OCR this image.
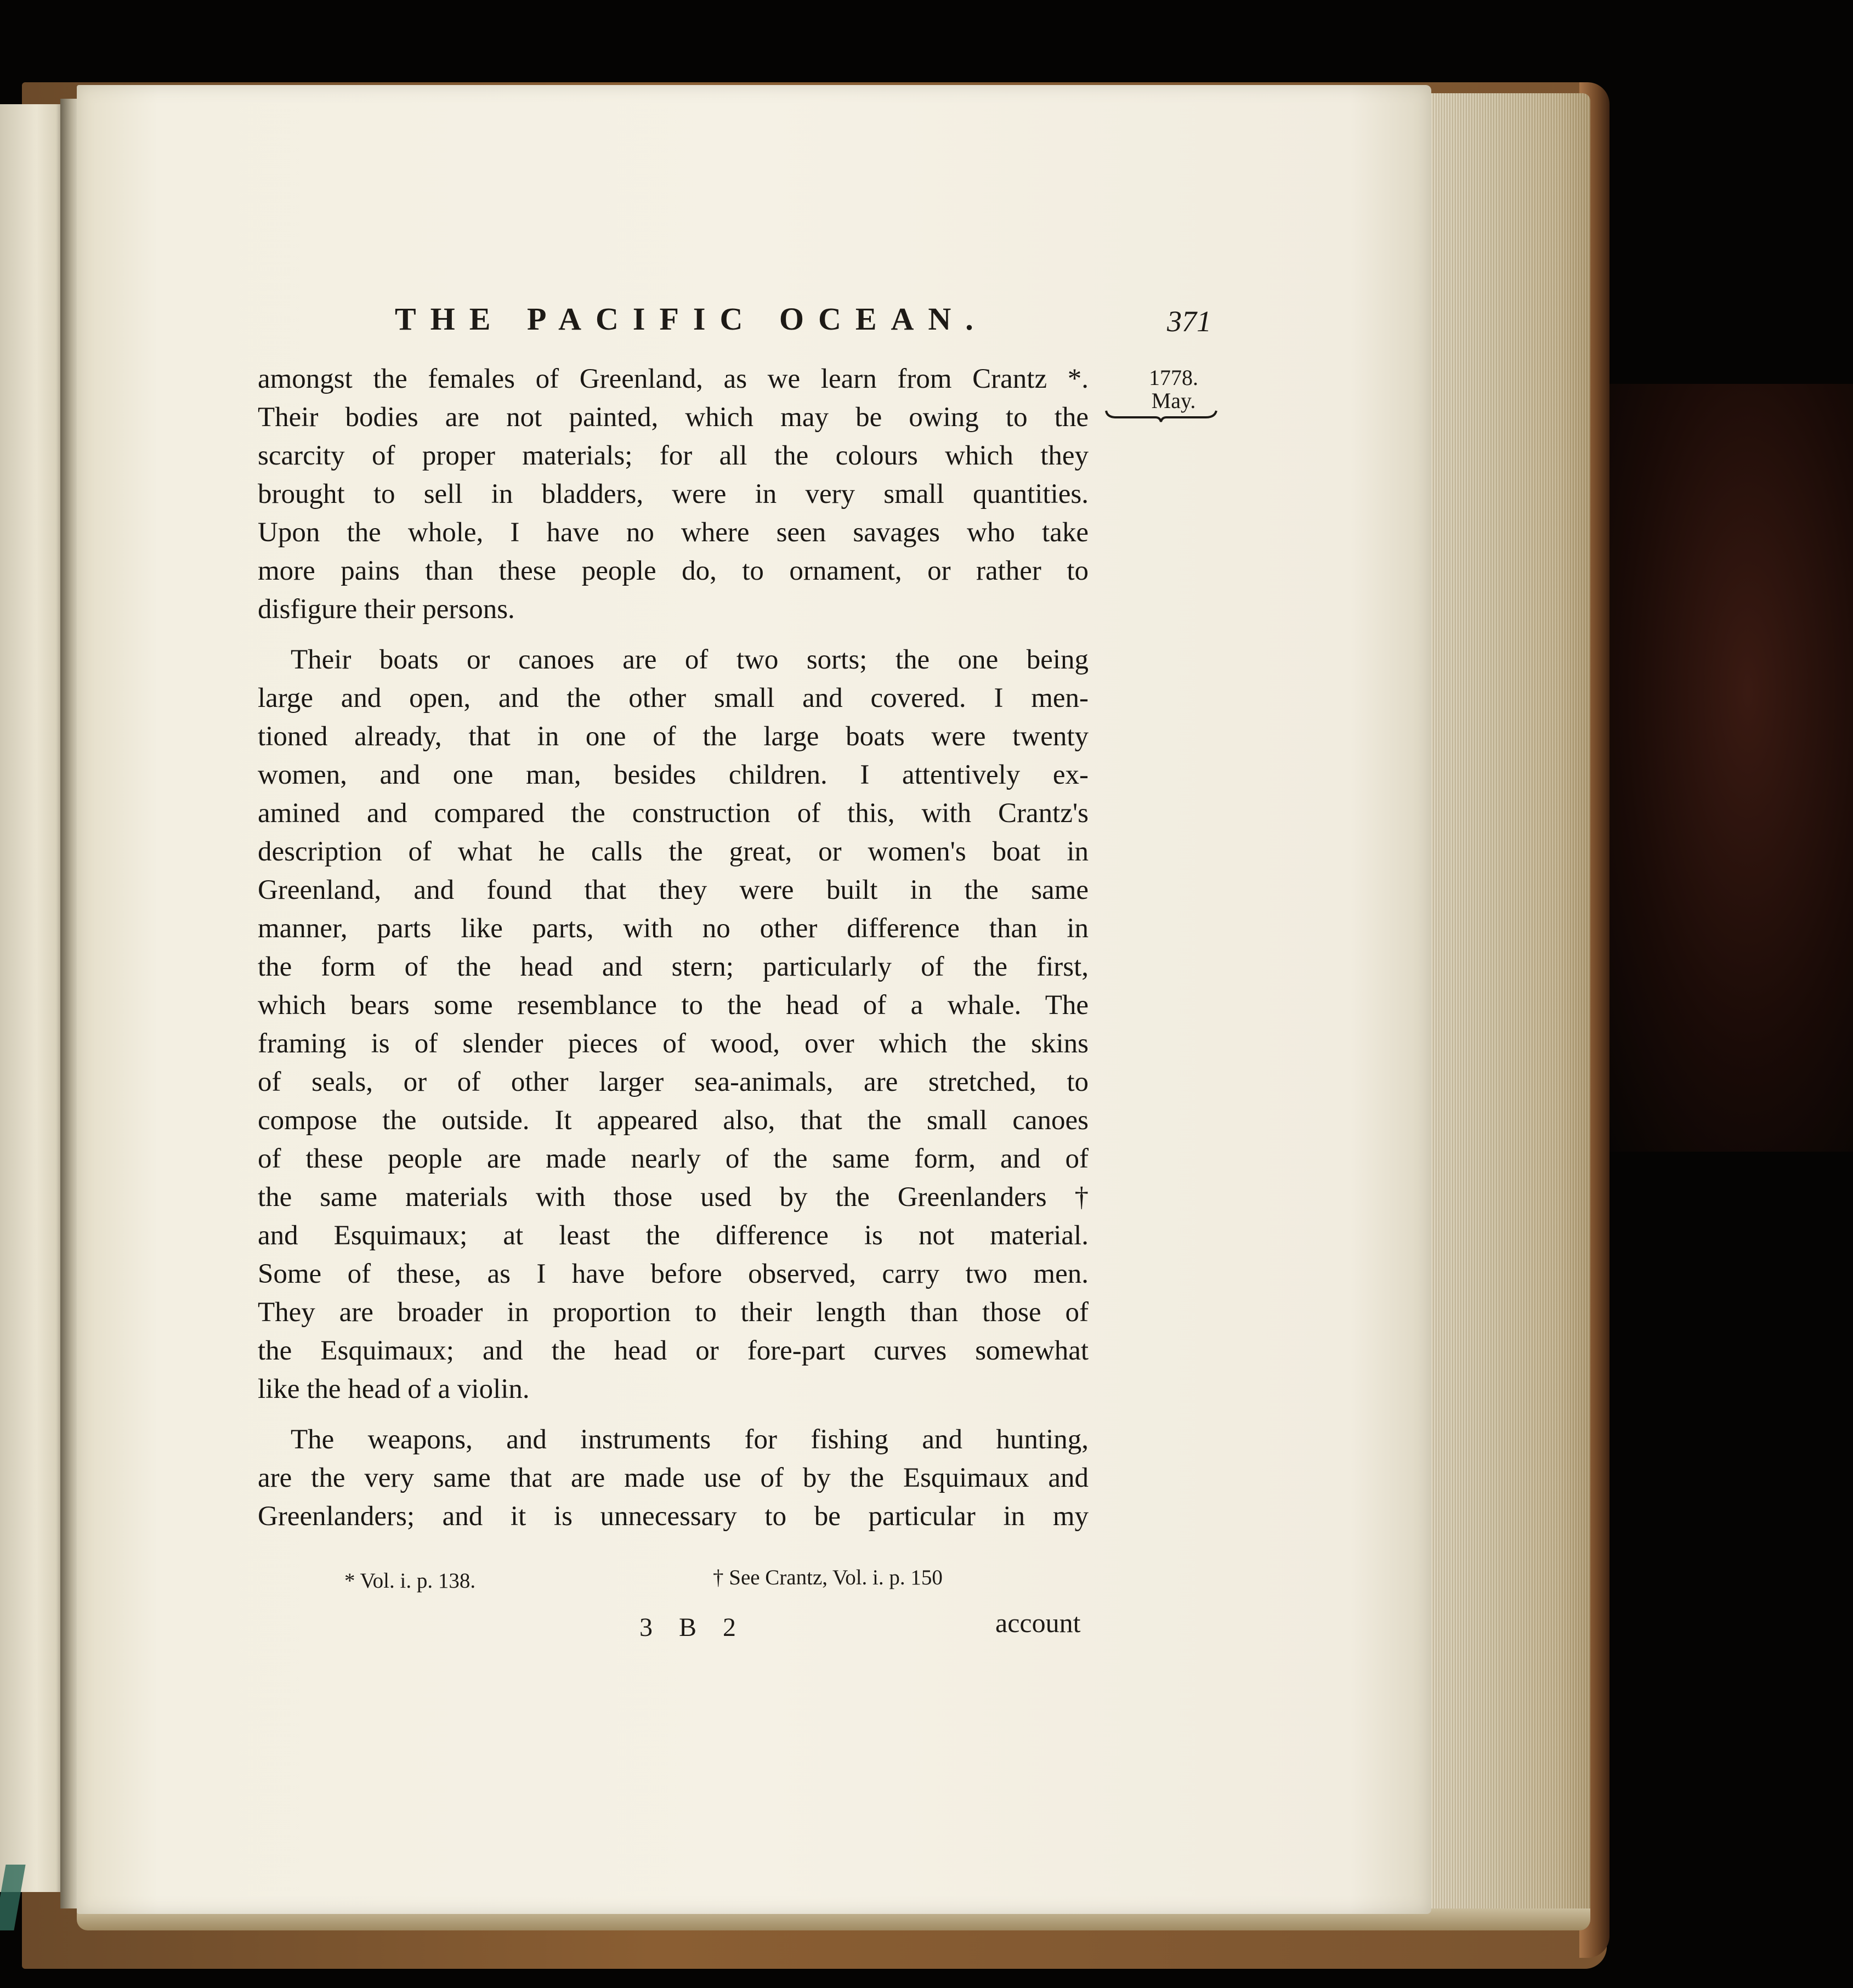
THE PACIFIC OCEAN.	371
1778.
May.
amongst the females of Greenland, as we learn from Crantz *.
Their bodies are not painted, which may be owing to the
scarcity of proper materials; for all the colours which they
brought to sell in bladders, were in very small quantities.
Upon the whole, I have no where seen savages who take
more pains than these people do, to ornament, or rather to
disfigure their persons.
Their boats or canoes are of two sorts; the one being
large and open, and the other small and covered. I men-
tioned already, that in one of the large boats were twenty
women, and one man, besides children. I attentively ex-
amined and compared the construction of this, with Crantz's
description of what he calls the great, or women's boat in
Greenland, and found that they were built in the same
manner, parts like parts, with no other difference than in
the form of the head and stern; particularly of the first,
which bears some resemblance to the head of a whale. The
framing is of slender pieces of wood, over which the skins
of seals, or of other larger sea-animals, are stretched, to
compose the outside. It appeared also, that the small canoes
of these people are made nearly of the same form, and of
the same materials with those used by the Greenlanders †
and Esquimaux; at least the difference is not material.
Some of these, as I have before observed, carry two men.
They are broader in proportion to their length than those of
the Esquimaux; and the head or fore-part curves somewhat
like the head of a violin.
The weapons, and instruments for fishing and hunting,
are the very same that are made use of by the Esquimaux and
Greenlanders; and it is unnecessary to be particular in my
* Vol. i. p. 138.	† See Crantz, Vol. i. p. 150
3 B 2	account
